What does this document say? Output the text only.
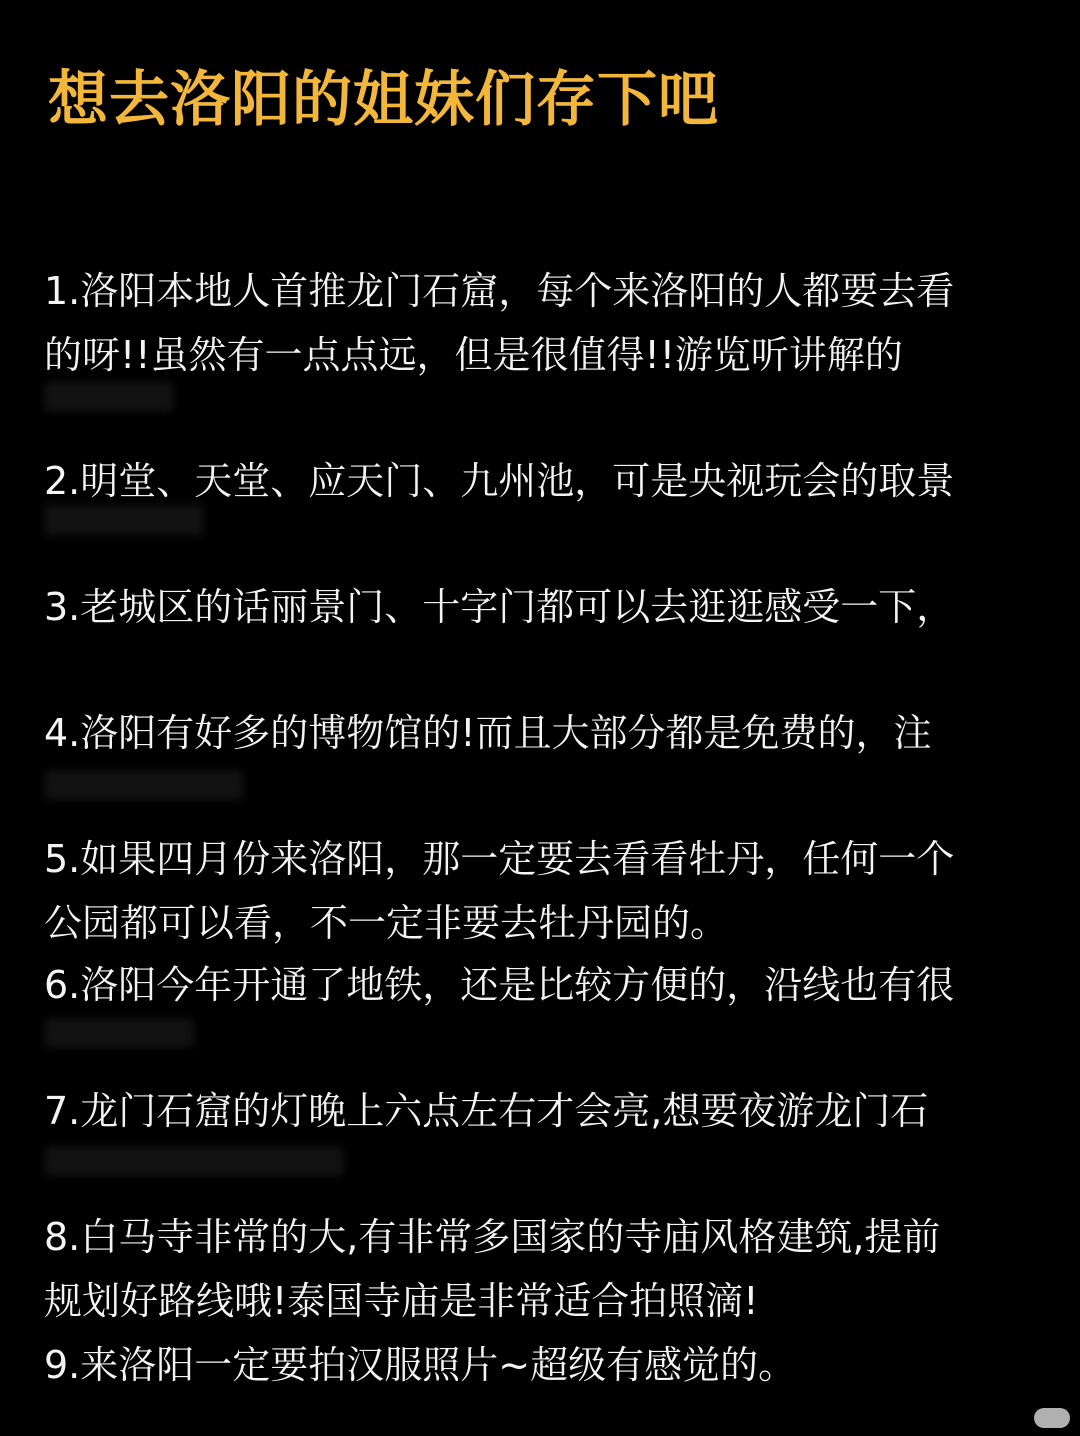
想去洛阳的姐妹们存下吧
1.洛阳本地人首推龙门石窟，每个来洛阳的人都要去看
的呀!!虽然有一点点远，但是很值得!!游览听讲解的
2.明堂、天堂、应天门、九州池，可是央视玩会的取景
3.老城区的话丽景门、十字门都可以去逛逛感受一下，
4.洛阳有好多的博物馆的!而且大部分都是免费的，注
5.如果四月份来洛阳，那一定要去看看牡丹，任何一个
公园都可以看，不一定非要去牡丹园的。
6.洛阳今年开通了地铁，还是比较方便的，沿线也有很
7.龙门石窟的灯晚上六点左右才会亮,想要夜游龙门石
8.白马寺非常的大,有非常多国家的寺庙风格建筑,提前
规划好路线哦!泰国寺庙是非常适合拍照滴!
9.来洛阳一定要拍汉服照片~超级有感觉的。
